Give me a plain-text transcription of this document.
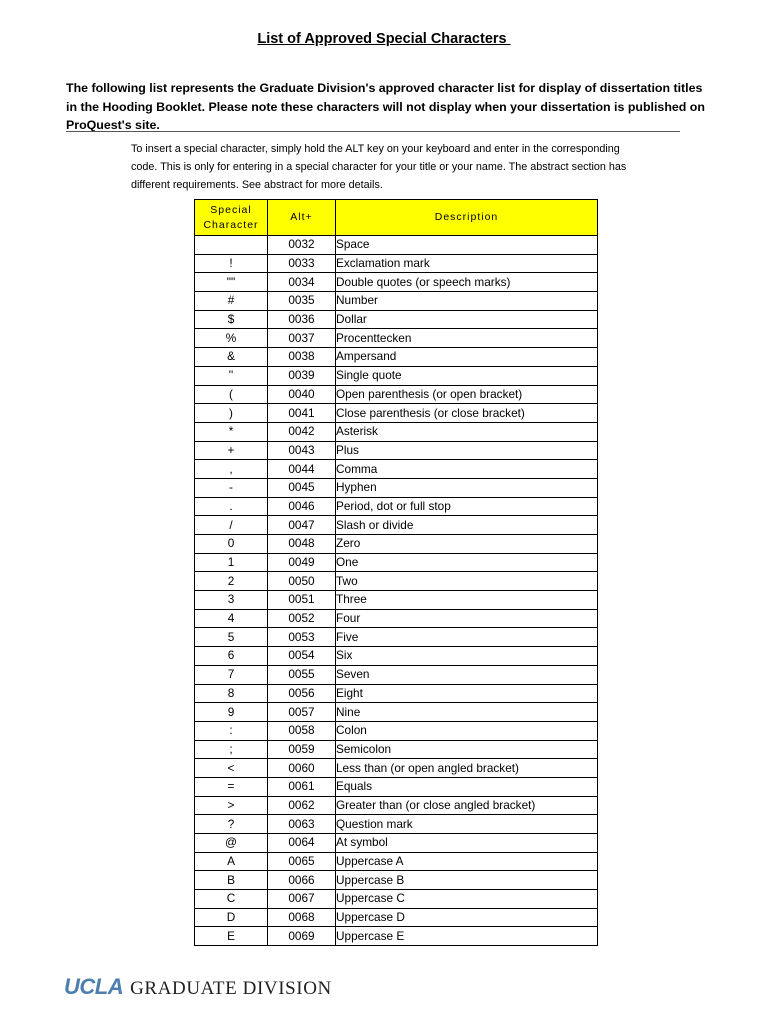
List of Approved Special Characters
The following list represents the Graduate Division's approved character list for display of dissertation titles
in the Hooding Booklet. Please note these characters will not display when your dissertation is published on
ProQuest's site.
To insert a special character, simply hold the ALT key on your keyboard and enter in the corresponding
code. This is only for entering in a special character for your title or your name. The abstract section has
different requirements. See abstract for more details.
Special
Character	Alt+	Description
	0032	Space
!	0033	Exclamation mark
""	0034	Double quotes (or speech marks)
#	0035	Number
$	0036	Dollar
%	0037	Procenttecken
&	0038	Ampersand
''	0039	Single quote
(	0040	Open parenthesis (or open bracket)
)	0041	Close parenthesis (or close bracket)
*	0042	Asterisk
+	0043	Plus
,	0044	Comma
-	0045	Hyphen
.	0046	Period, dot or full stop
/	0047	Slash or divide
0	0048	Zero
1	0049	One
2	0050	Two
3	0051	Three
4	0052	Four
5	0053	Five
6	0054	Six
7	0055	Seven
8	0056	Eight
9	0057	Nine
:	0058	Colon
;	0059	Semicolon
<	0060	Less than (or open angled bracket)
=	0061	Equals
>	0062	Greater than (or close angled bracket)
?	0063	Question mark
@	0064	At symbol
A	0065	Uppercase A
B	0066	Uppercase B
C	0067	Uppercase C
D	0068	Uppercase D
E	0069	Uppercase E
UCLA GRADUATE DIVISION
